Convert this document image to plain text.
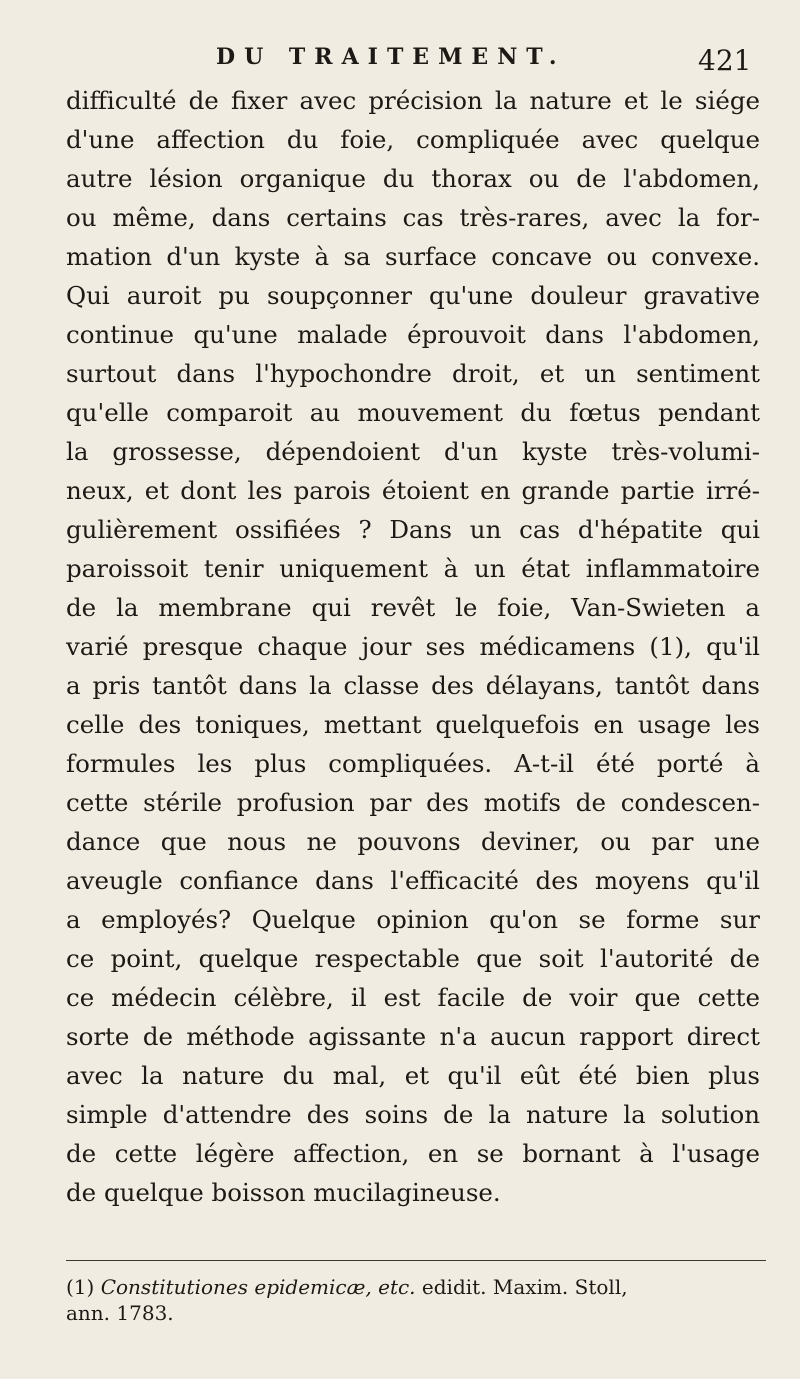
DU TRAITEMENT.	421
difficulté de fixer avec précision la nature et le siége
d'une affection du foie, compliquée avec quelque
autre lésion organique du thorax ou de l'abdomen,
ou même, dans certains cas très-rares, avec la for-
mation d'un kyste à sa surface concave ou convexe.
Qui auroit pu soupçonner qu'une douleur gravative
continue qu'une malade éprouvoit dans l'abdomen,
surtout dans l'hypochondre droit, et un sentiment
qu'elle comparoit au mouvement du fœtus pendant
la grossesse, dépendoient d'un kyste très-volumi-
neux, et dont les parois étoient en grande partie irré-
gulièrement ossifiées ? Dans un cas d'hépatite qui
paroissoit tenir uniquement à un état inflammatoire
de la membrane qui revêt le foie, Van-Swieten a
varié presque chaque jour ses médicamens (1), qu'il
a pris tantôt dans la classe des délayans, tantôt dans
celle des toniques, mettant quelquefois en usage les
formules les plus compliquées. A-t-il été porté à
cette stérile profusion par des motifs de condescen-
dance que nous ne pouvons deviner, ou par une
aveugle confiance dans l'efficacité des moyens qu'il
a employés? Quelque opinion qu'on se forme sur
ce point, quelque respectable que soit l'autorité de
ce médecin célèbre, il est facile de voir que cette
sorte de méthode agissante n'a aucun rapport direct
avec la nature du mal, et qu'il eût été bien plus
simple d'attendre des soins de la nature la solution
de cette légère affection, en se bornant à l'usage
de quelque boisson mucilagineuse.
(1) Constitutiones epidemicæ, etc. edidit. Maxim. Stoll,
ann. 1783.
